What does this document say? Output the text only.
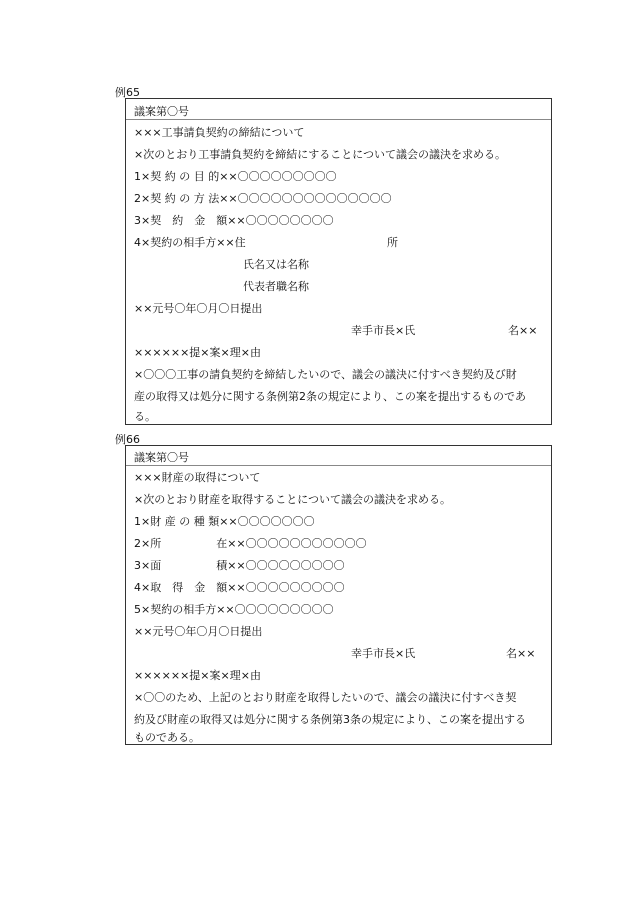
例65
議案第〇号
×××工事請負契約の締結について
×次のとおり工事請負契約を締結にすることについて議会の議決を求める。
1×契 約 の 目 的××〇〇〇〇〇〇〇〇〇
2×契 約 の 方 法××〇〇〇〇〇〇〇〇〇〇〇〇〇〇
3×契　約　金　額××〇〇〇〇〇〇〇〇
4×契約の相手方××住	所
氏名又は名称
代表者職名称
××元号〇年〇月〇日提出
幸手市長×氏	名××
××××××提×案×理×由
×〇〇〇工事の請負契約を締結したいので、議会の議決に付すべき契約及び財
産の取得又は処分に関する条例第2条の規定により、この案を提出するものであ
る。
例66
議案第〇号
×××財産の取得について
×次のとおり財産を取得することについて議会の議決を求める。
1×財 産 の 種 類××〇〇〇〇〇〇〇
2×所　　　　　在××〇〇〇〇〇〇〇〇〇〇〇
3×面　　　　　積××〇〇〇〇〇〇〇〇〇
4×取　得　金　額××〇〇〇〇〇〇〇〇〇
5×契約の相手方××〇〇〇〇〇〇〇〇〇
××元号〇年〇月〇日提出
幸手市長×氏	名××
××××××提×案×理×由
×〇〇のため、上記のとおり財産を取得したいので、議会の議決に付すべき契
約及び財産の取得又は処分に関する条例第3条の規定により、この案を提出する
ものである。
